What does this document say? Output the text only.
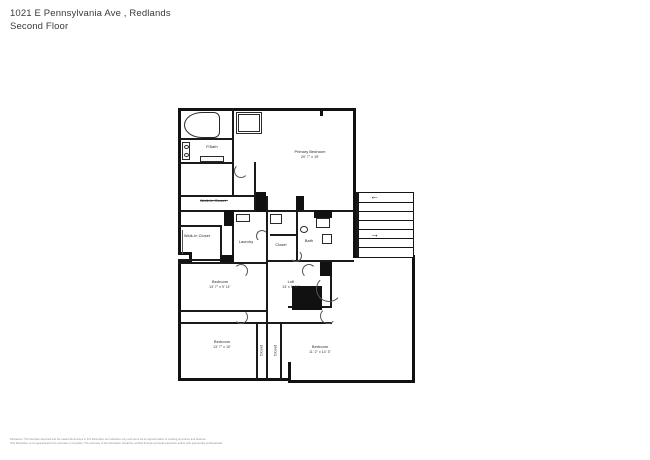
1021 E Pennsylvania Ave , Redlands
Second Floor
←
→
P.Bath
Primary Bedroom
20' 7" x 19'
Walk-In Closet
Walk-In Closet
Laundry	Bath
Closet
Bedroom
13' 7" x 9' 11"
Loft
13' x 6' 11"
Bedroom
13' 7" x 10'	Bedroom
11' 2" x 14' 3"
Closet	Closet
Disclaimer: The floorplan depicted and the stated dimensions in this illustration are indicative only and serve as an approximation of existing structures and features.
This illustration is not guaranteed to be accurate or complete. The accuracy of all information should be verified through personal inspection and/or with appropriate professionals.
